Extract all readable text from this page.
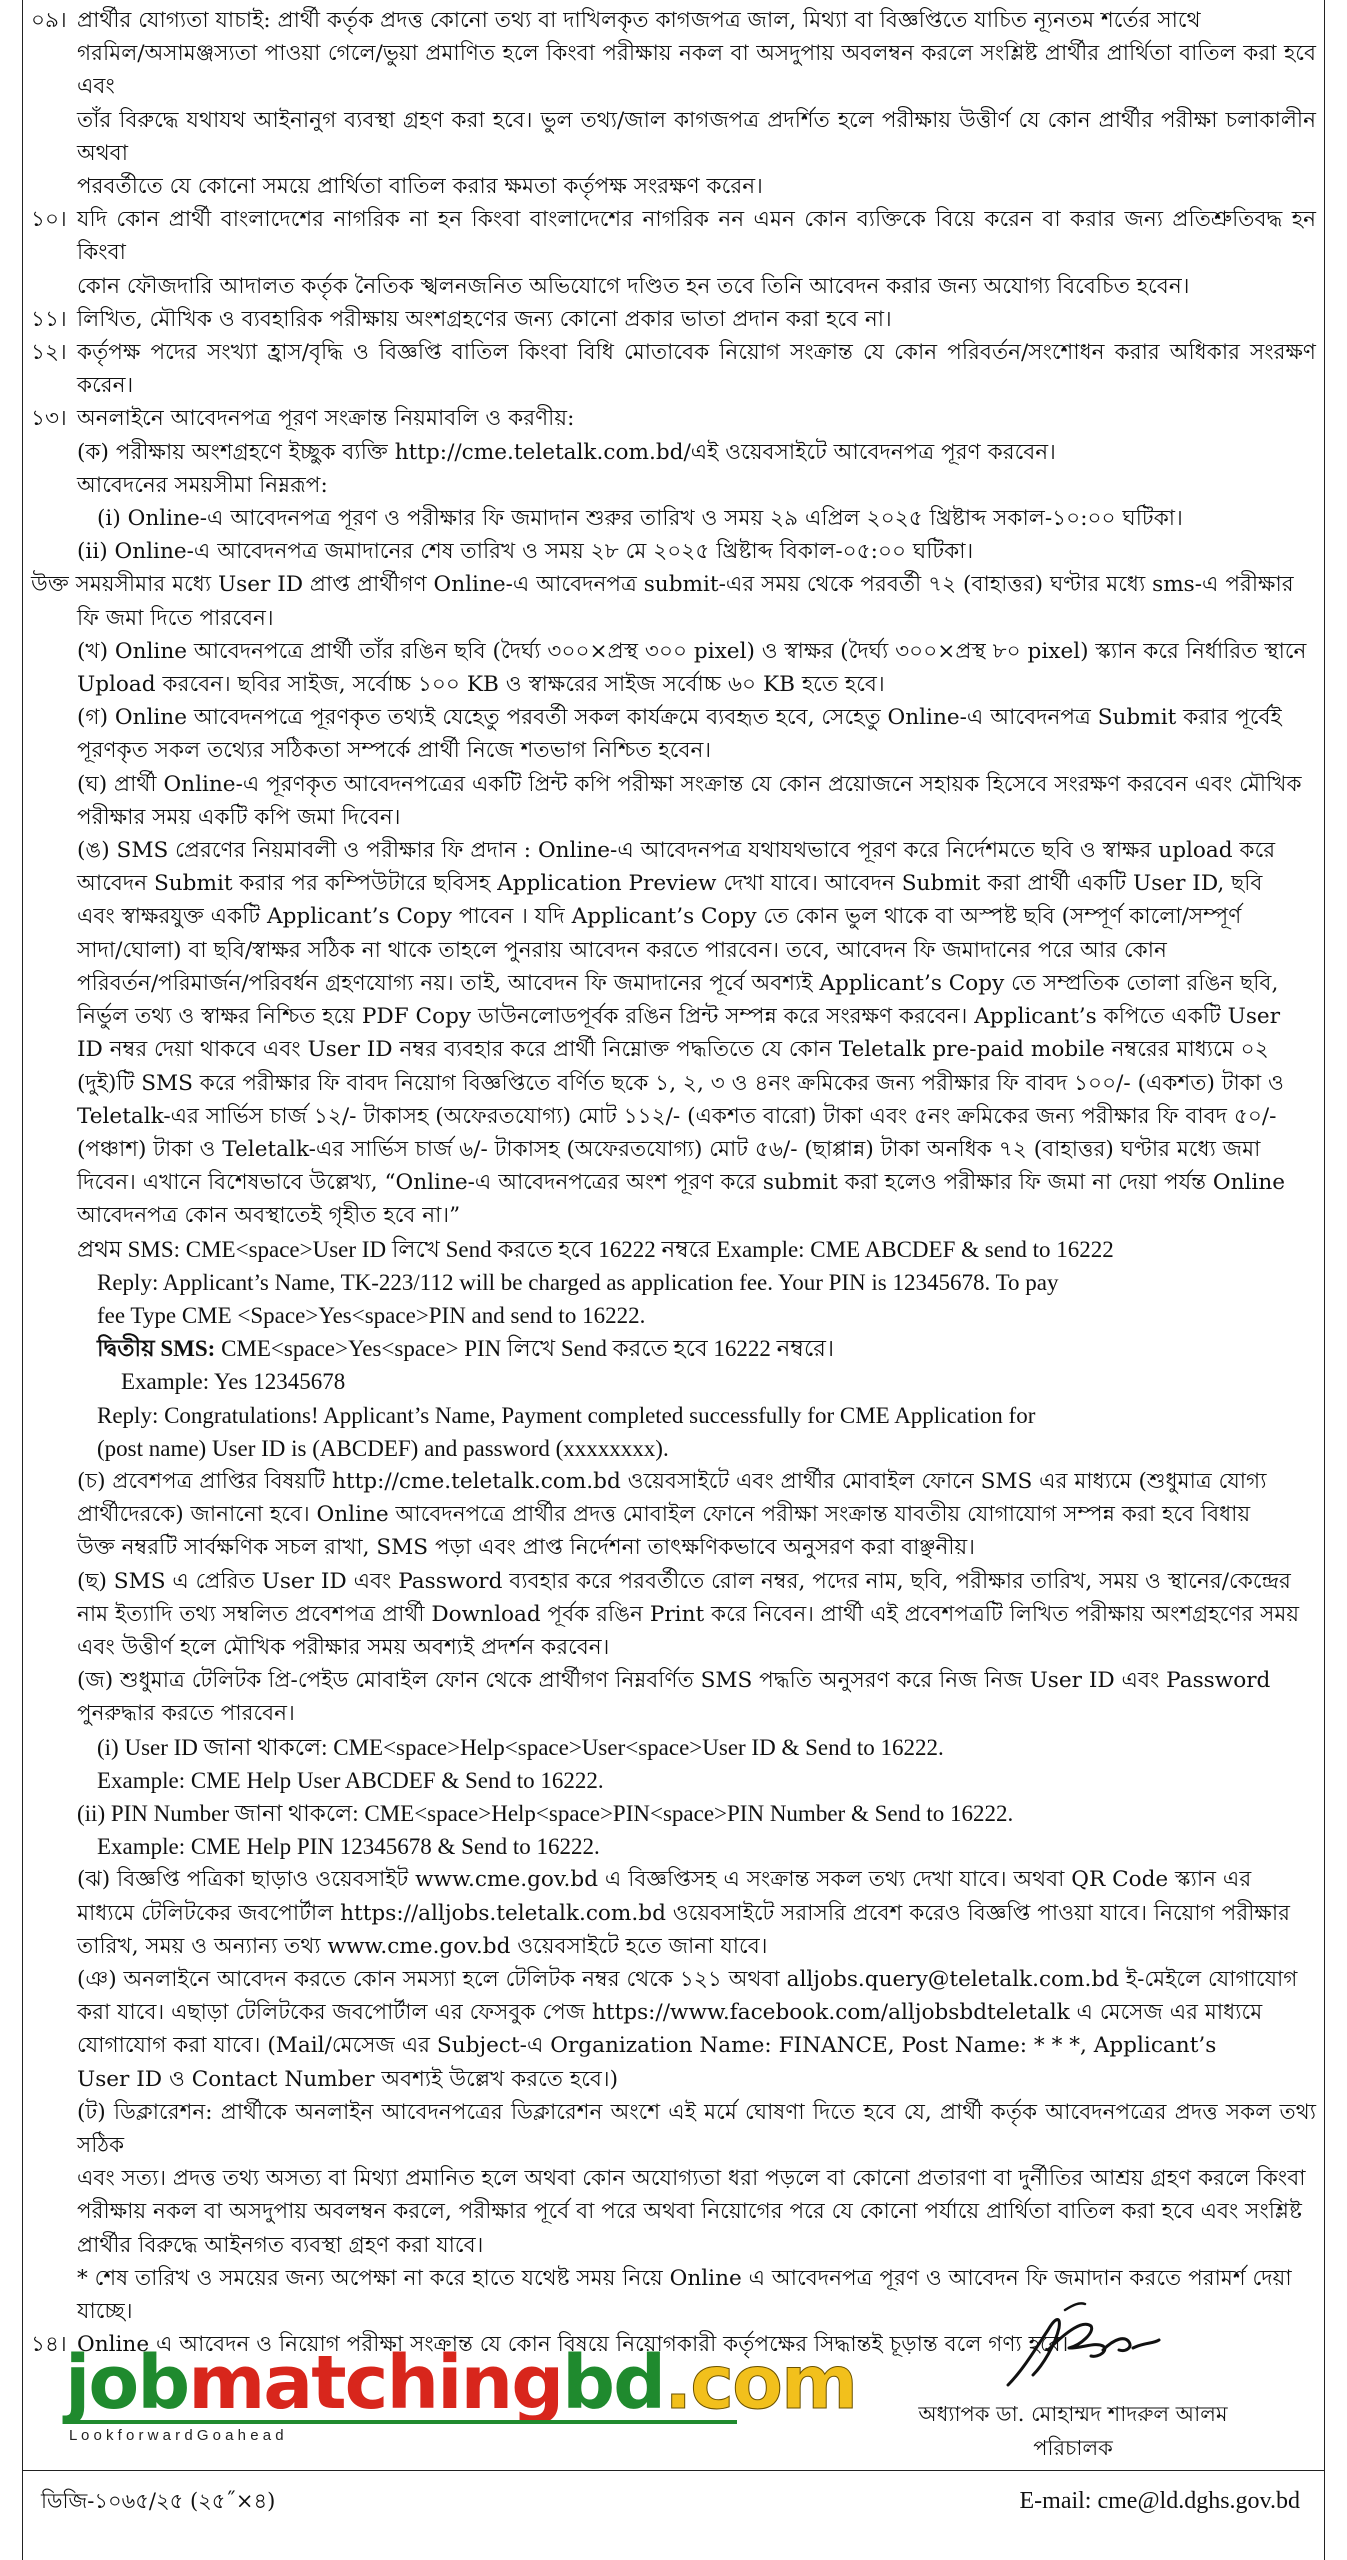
০৯। প্রার্থীর যোগ্যতা যাচাই: প্রার্থী কর্তৃক প্রদত্ত কোনো তথ্য বা দাখিলকৃত কাগজপত্র জাল, মিথ্যা বা বিজ্ঞপ্তিতে যাচিত ন্যূনতম শর্তের সাথে
গরমিল/অসামঞ্জস্যতা পাওয়া গেলে/ভুয়া প্রমাণিত হলে কিংবা পরীক্ষায় নকল বা অসদুপায় অবলম্বন করলে সংশ্লিষ্ট প্রার্থীর প্রার্থিতা বাতিল করা হবে এবং
তাঁর বিরুদ্ধে যথাযথ আইনানুগ ব্যবস্থা গ্রহণ করা হবে। ভুল তথ্য/জাল কাগজপত্র প্রদর্শিত হলে পরীক্ষায় উত্তীর্ণ যে কোন প্রার্থীর পরীক্ষা চলাকালীন অথবা
পরবর্তীতে যে কোনো সময়ে প্রার্থিতা বাতিল করার ক্ষমতা কর্তৃপক্ষ সংরক্ষণ করেন।
১০। যদি কোন প্রার্থী বাংলাদেশের নাগরিক না হন কিংবা বাংলাদেশের নাগরিক নন এমন কোন ব্যক্তিকে বিয়ে করেন বা করার জন্য প্রতিশ্রুতিবদ্ধ হন কিংবা
কোন ফৌজদারি আদালত কর্তৃক নৈতিক স্খলনজনিত অভিযোগে দণ্ডিত হন তবে তিনি আবেদন করার জন্য অযোগ্য বিবেচিত হবেন।
১১। লিখিত, মৌখিক ও ব্যবহারিক পরীক্ষায় অংশগ্রহণের জন্য কোনো প্রকার ভাতা প্রদান করা হবে না।
১২। কর্তৃপক্ষ পদের সংখ্যা হ্রাস/বৃদ্ধি ও বিজ্ঞপ্তি বাতিল কিংবা বিধি মোতাবেক নিয়োগ সংক্রান্ত যে কোন পরিবর্তন/সংশোধন করার অধিকার সংরক্ষণ করেন।
১৩। অনলাইনে আবেদনপত্র পূরণ সংক্রান্ত নিয়মাবলি ও করণীয়:
(ক) পরীক্ষায় অংশগ্রহণে ইচ্ছুক ব্যক্তি http://cme.teletalk.com.bd/এই ওয়েবসাইটে আবেদনপত্র পূরণ করবেন।
আবেদনের সময়সীমা নিম্নরূপ:
(i) Online-এ আবেদনপত্র পূরণ ও পরীক্ষার ফি জমাদান শুরুর তারিখ ও সময় ২৯ এপ্রিল ২০২৫ খ্রিষ্টাব্দ সকাল-১০:০০ ঘটিকা।
(ii) Online-এ আবেদনপত্র জমাদানের শেষ তারিখ ও সময় ২৮ মে ২০২৫ খ্রিষ্টাব্দ বিকাল-০৫:০০ ঘটিকা।
উক্ত সময়সীমার মধ্যে User ID প্রাপ্ত প্রার্থীগণ Online-এ আবেদনপত্র submit-এর সময় থেকে পরবর্তী ৭২ (বাহাত্তর) ঘণ্টার মধ্যে sms-এ পরীক্ষার
ফি জমা দিতে পারবেন।
(খ) Online আবেদনপত্রে প্রার্থী তাঁর রঙিন ছবি (দৈর্ঘ্য ৩০০×প্রস্থ ৩০০ pixel) ও স্বাক্ষর (দৈর্ঘ্য ৩০০×প্রস্থ ৮০ pixel) স্ক্যান করে নির্ধারিত স্থানে
Upload করবেন। ছবির সাইজ, সর্বোচ্চ ১০০ KB ও স্বাক্ষরের সাইজ সর্বোচ্চ ৬০ KB হতে হবে।
(গ) Online আবেদনপত্রে পূরণকৃত তথ্যই যেহেতু পরবর্তী সকল কার্যক্রমে ব্যবহৃত হবে, সেহেতু Online-এ আবেদনপত্র Submit করার পূর্বেই
পূরণকৃত সকল তথ্যের সঠিকতা সম্পর্কে প্রার্থী নিজে শতভাগ নিশ্চিত হবেন।
(ঘ) প্রার্থী Online-এ পূরণকৃত আবেদনপত্রের একটি প্রিন্ট কপি পরীক্ষা সংক্রান্ত যে কোন প্রয়োজনে সহায়ক হিসেবে সংরক্ষণ করবেন এবং মৌখিক
পরীক্ষার সময় একটি কপি জমা দিবেন।
(ঙ) SMS প্রেরণের নিয়মাবলী ও পরীক্ষার ফি প্রদান : Online-এ আবেদনপত্র যথাযথভাবে পূরণ করে নির্দেশমতে ছবি ও স্বাক্ষর upload করে
আবেদন Submit করার পর কম্পিউটারে ছবিসহ Application Preview দেখা যাবে। আবেদন Submit করা প্রার্থী একটি User ID, ছবি
এবং স্বাক্ষরযুক্ত একটি Applicant’s Copy পাবেন । যদি Applicant’s Copy তে কোন ভুল থাকে বা অস্পষ্ট ছবি (সম্পূর্ণ কালো/সম্পূর্ণ
সাদা/ঘোলা) বা ছবি/স্বাক্ষর সঠিক না থাকে তাহলে পুনরায় আবেদন করতে পারবেন। তবে, আবেদন ফি জমাদানের পরে আর কোন
পরিবর্তন/পরিমার্জন/পরিবর্ধন গ্রহণযোগ্য নয়। তাই, আবেদন ফি জমাদানের পূর্বে অবশ্যই Applicant’s Copy তে সম্প্রতিক তোলা রঙিন ছবি,
নির্ভুল তথ্য ও স্বাক্ষর নিশ্চিত হয়ে PDF Copy ডাউনলোডপূর্বক রঙিন প্রিন্ট সম্পন্ন করে সংরক্ষণ করবেন। Applicant’s কপিতে একটি User
ID নম্বর দেয়া থাকবে এবং User ID নম্বর ব্যবহার করে প্রার্থী নিম্নোক্ত পদ্ধতিতে যে কোন Teletalk pre-paid mobile নম্বরের মাধ্যমে ০২
(দুই)টি SMS করে পরীক্ষার ফি বাবদ নিয়োগ বিজ্ঞপ্তিতে বর্ণিত ছকে ১, ২, ৩ ও ৪নং ক্রমিকের জন্য পরীক্ষার ফি বাবদ ১০০/- (একশত) টাকা ও
Teletalk-এর সার্ভিস চার্জ ১২/- টাকাসহ (অফেরতযোগ্য) মোট ১১২/- (একশত বারো) টাকা এবং ৫নং ক্রমিকের জন্য পরীক্ষার ফি বাবদ ৫০/-
(পঞ্চাশ) টাকা ও Teletalk-এর সার্ভিস চার্জ ৬/- টাকাসহ (অফেরতযোগ্য) মোট ৫৬/- (ছাপ্পান্ন) টাকা অনধিক ৭২ (বাহাত্তর) ঘণ্টার মধ্যে জমা
দিবেন। এখানে বিশেষভাবে উল্লেখ্য, “Online-এ আবেদনপত্রের অংশ পূরণ করে submit করা হলেও পরীক্ষার ফি জমা না দেয়া পর্যন্ত Online
আবেদনপত্র কোন অবস্থাতেই গৃহীত হবে না।”
প্রথম SMS: CME<space>User ID লিখে Send করতে হবে 16222 নম্বরে Example: CME ABCDEF & send to 16222
Reply: Applicant’s Name, TK-223/112 will be charged as application fee. Your PIN is 12345678. To pay
fee Type CME <Space>Yes<space>PIN and send to 16222.
দ্বিতীয় SMS: CME<space>Yes<space> PIN লিখে Send করতে হবে 16222 নম্বরে।
Example: Yes 12345678
Reply: Congratulations! Applicant’s Name, Payment completed successfully for CME Application for
(post name) User ID is (ABCDEF) and password (xxxxxxxx).
(চ) প্রবেশপত্র প্রাপ্তির বিষয়টি http://cme.teletalk.com.bd ওয়েবসাইটে এবং প্রার্থীর মোবাইল ফোনে SMS এর মাধ্যমে (শুধুমাত্র যোগ্য
প্রার্থীদেরকে) জানানো হবে। Online আবেদনপত্রে প্রার্থীর প্রদত্ত মোবাইল ফোনে পরীক্ষা সংক্রান্ত যাবতীয় যোগাযোগ সম্পন্ন করা হবে বিধায়
উক্ত নম্বরটি সার্বক্ষণিক সচল রাখা, SMS পড়া এবং প্রাপ্ত নির্দেশনা তাৎক্ষণিকভাবে অনুসরণ করা বাঞ্ছনীয়।
(ছ) SMS এ প্রেরিত User ID এবং Password ব্যবহার করে পরবর্তীতে রোল নম্বর, পদের নাম, ছবি, পরীক্ষার তারিখ, সময় ও স্থানের/কেন্দ্রের
নাম ইত্যাদি তথ্য সম্বলিত প্রবেশপত্র প্রার্থী Download পূর্বক রঙিন Print করে নিবেন। প্রার্থী এই প্রবেশপত্রটি লিখিত পরীক্ষায় অংশগ্রহণের সময়
এবং উত্তীর্ণ হলে মৌখিক পরীক্ষার সময় অবশ্যই প্রদর্শন করবেন।
(জ) শুধুমাত্র টেলিটক প্রি-পেইড মোবাইল ফোন থেকে প্রার্থীগণ নিম্নবর্ণিত SMS পদ্ধতি অনুসরণ করে নিজ নিজ User ID এবং Password
পুনরুদ্ধার করতে পারবেন।
(i) User ID জানা থাকলে: CME<space>Help<space>User<space>User ID & Send to 16222.
Example: CME Help User ABCDEF & Send to 16222.
(ii) PIN Number জানা থাকলে: CME<space>Help<space>PIN<space>PIN Number & Send to 16222.
Example: CME Help PIN 12345678 & Send to 16222.
(ঝ) বিজ্ঞপ্তি পত্রিকা ছাড়াও ওয়েবসাইট www.cme.gov.bd এ বিজ্ঞপ্তিসহ এ সংক্রান্ত সকল তথ্য দেখা যাবে। অথবা QR Code স্ক্যান এর
মাধ্যমে টেলিটকের জবপোর্টাল https://alljobs.teletalk.com.bd ওয়েবসাইটে সরাসরি প্রবেশ করেও বিজ্ঞপ্তি পাওয়া যাবে। নিয়োগ পরীক্ষার
তারিখ, সময় ও অন্যান্য তথ্য www.cme.gov.bd ওয়েবসাইটে হতে জানা যাবে।
(ঞ) অনলাইনে আবেদন করতে কোন সমস্যা হলে টেলিটক নম্বর থেকে ১২১ অথবা alljobs.query@teletalk.com.bd ই-মেইলে যোগাযোগ
করা যাবে। এছাড়া টেলিটকের জবপোর্টাল এর ফেসবুক পেজ https://www.facebook.com/alljobsbdteletalk এ মেসেজ এর মাধ্যমে
যোগাযোগ করা যাবে। (Mail/মেসেজ এর Subject-এ Organization Name: FINANCE, Post Name: * * *, Applicant’s
User ID ও Contact Number অবশ্যই উল্লেখ করতে হবে।)
(ট) ডিক্লারেশন: প্রার্থীকে অনলাইন আবেদনপত্রের ডিক্লারেশন অংশে এই মর্মে ঘোষণা দিতে হবে যে, প্রার্থী কর্তৃক আবেদনপত্রের প্রদত্ত সকল তথ্য সঠিক
এবং সত্য। প্রদত্ত তথ্য অসত্য বা মিথ্যা প্রমানিত হলে অথবা কোন অযোগ্যতা ধরা পড়লে বা কোনো প্রতারণা বা দুর্নীতির আশ্রয় গ্রহণ করলে কিংবা
পরীক্ষায় নকল বা অসদুপায় অবলম্বন করলে, পরীক্ষার পূর্বে বা পরে অথবা নিয়োগের পরে যে কোনো পর্যায়ে প্রার্থিতা বাতিল করা হবে এবং সংশ্লিষ্ট
প্রার্থীর বিরুদ্ধে আইনগত ব্যবস্থা গ্রহণ করা যাবে।
* শেষ তারিখ ও সময়ের জন্য অপেক্ষা না করে হাতে যথেষ্ট সময় নিয়ে Online এ আবেদনপত্র পূরণ ও আবেদন ফি জমাদান করতে পরামর্শ দেয়া যাচ্ছে।
১৪। Online এ আবেদন ও নিয়োগ পরীক্ষা সংক্রান্ত যে কোন বিষয়ে নিয়োগকারী কর্তৃপক্ষের সিদ্ধান্তই চূড়ান্ত বলে গণ্য হবে।
jobmatchingbd.com
L o o k f o r w a r d G o a h e a d
অধ্যাপক ডা. মোহাম্মদ শাদরুল আলম
পরিচালক
ডিজি-১০৬৫/২৫ (২৫˝×৪)	E-mail: cme@ld.dghs.gov.bd
